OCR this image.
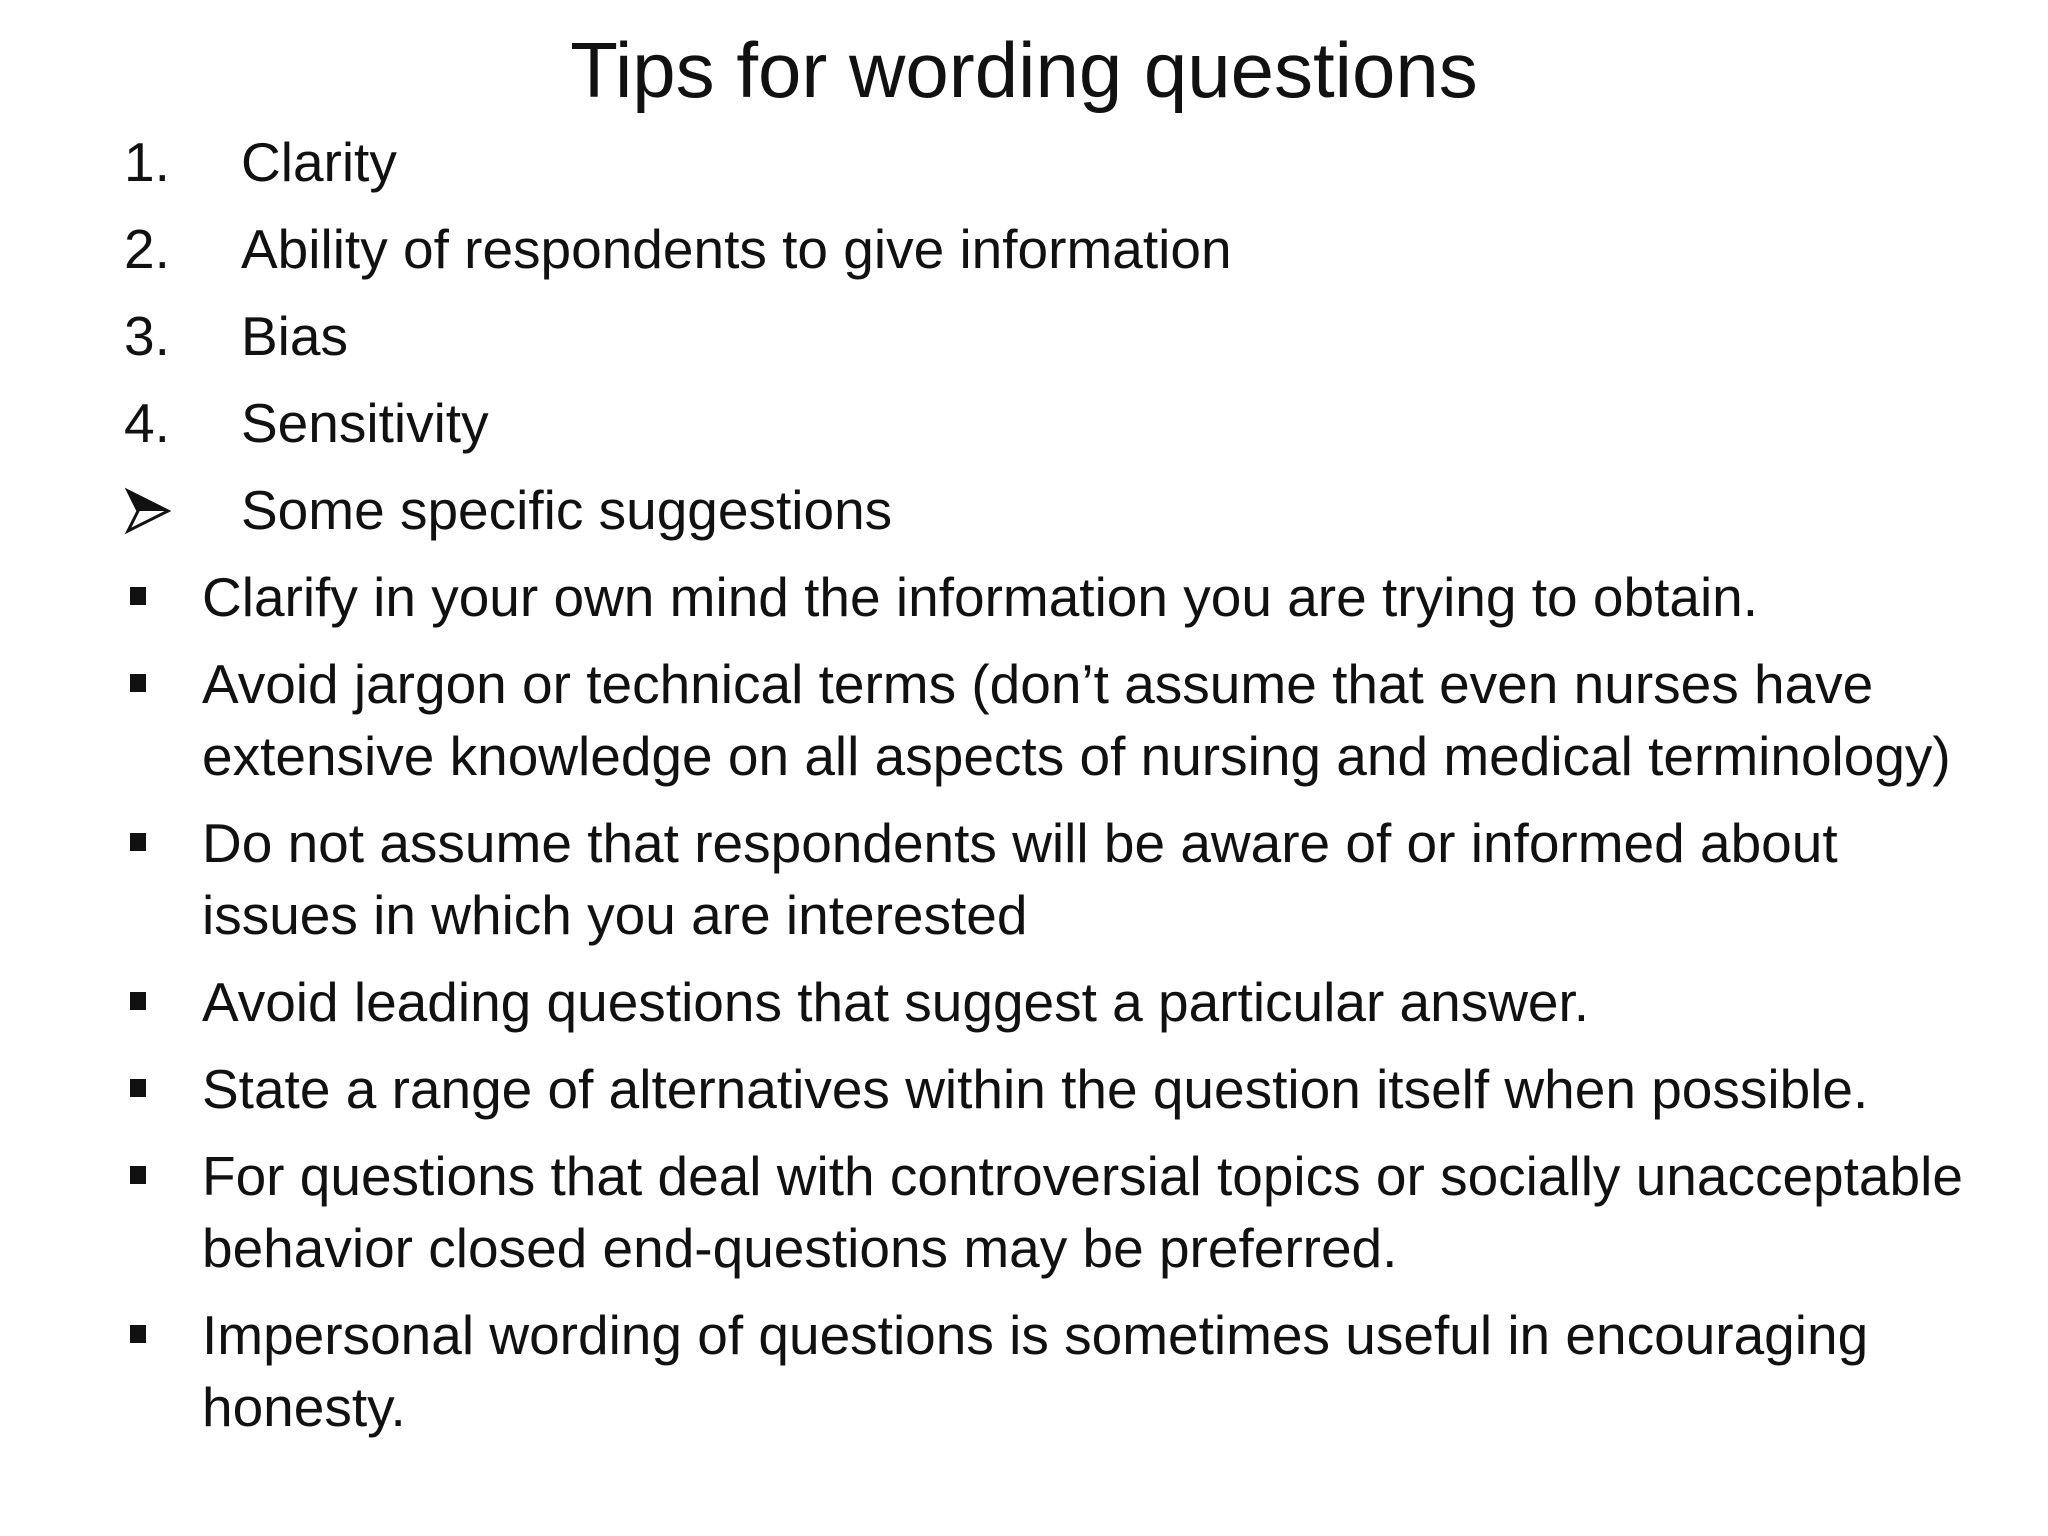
Tips for wording questions
1. Clarity
2. Ability of respondents to give information
3. Bias
4. Sensitivity
Some specific suggestions
Clarify in your own mind the information you are trying to obtain.
Avoid jargon or technical terms (don’t assume that even nurses have extensive knowledge on all aspects of nursing and medical terminology)
Do not assume that respondents will be aware of or informed about issues in which you are interested
Avoid leading questions that suggest a particular answer.
State a range of alternatives within the question itself when possible.
For questions that deal with controversial topics or socially unacceptable behavior closed end-questions may be preferred.
Impersonal wording of questions is sometimes useful in encouraging honesty.
